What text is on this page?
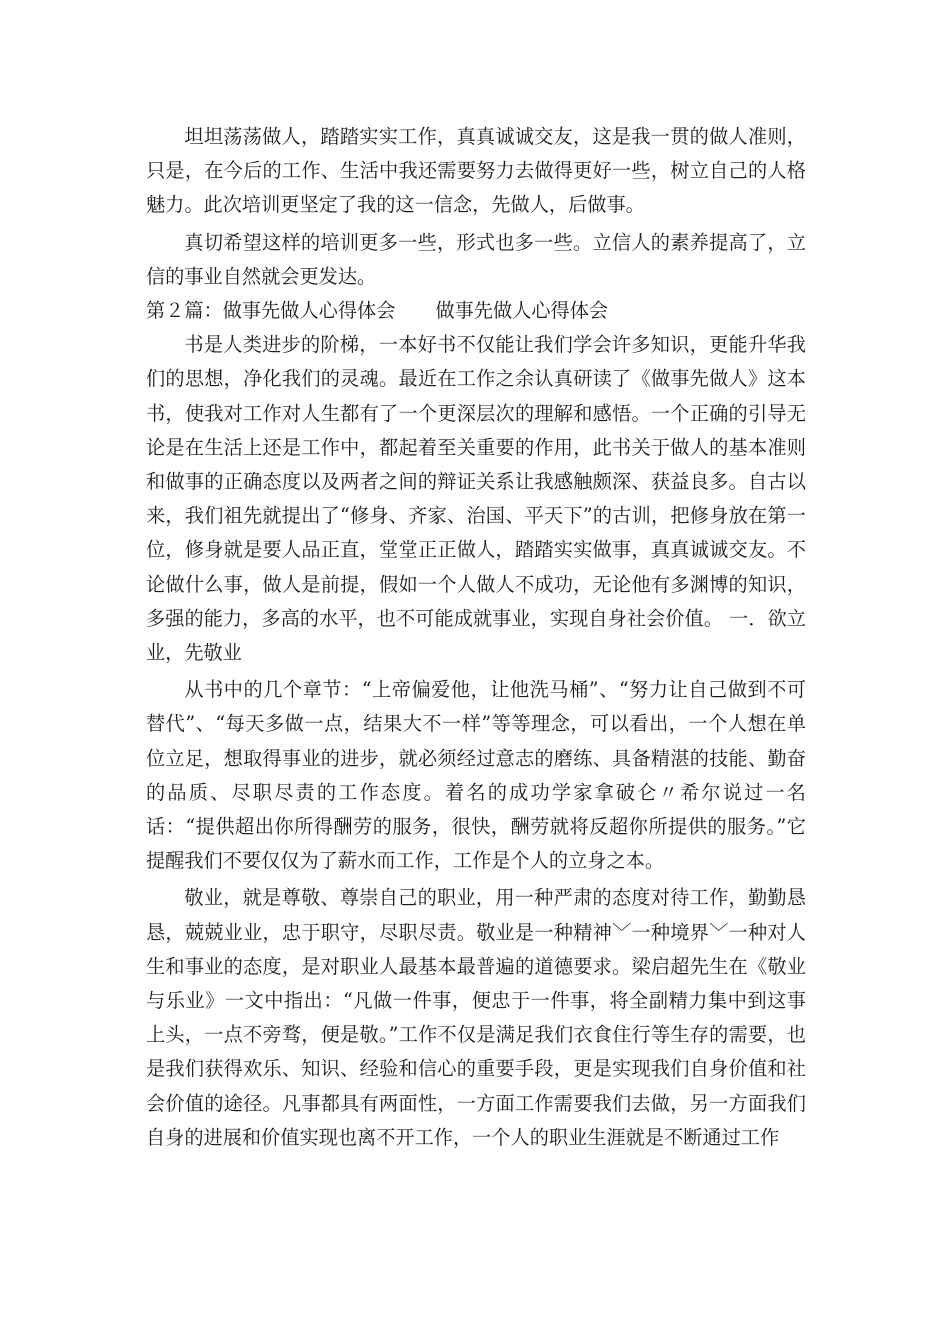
坦坦荡荡做人，踏踏实实工作，真真诚诚交友，这是我一贯的做人准则，只是，在今后的工作、生活中我还需要努力去做得更好一些，树立自己的人格魅力。此次培训更坚定了我的这一信念，先做人，后做事。

真切希望这样的培训更多一些，形式也多一些。立信人的素养提高了，立信的事业自然就会更发达。

第２篇：做事先做人心得体会 做事先做人心得体会

书是人类进步的阶梯，一本好书不仅能让我们学会许多知识，更能升华我们的思想，净化我们的灵魂。最近在工作之余认真研读了《做事先做人》这本书，使我对工作对人生都有了一个更深层次的理解和感悟。一个正确的引导无论是在生活上还是工作中，都起着至关重要的作用，此书关于做人的基本准则和做事的正确态度以及两者之间的辩证关系让我感触颇深、获益良多。自古以来，我们祖先就提出了“修身、齐家、治国、平天下”的古训，把修身放在第一位，修身就是要人品正直，堂堂正正做人，踏踏实实做事，真真诚诚交友。不论做什么事，做人是前提，假如一个人做人不成功，无论他有多渊博的知识，多强的能力，多高的水平，也不可能成就事业，实现自身社会价值。 一．欲立业，先敬业

从书中的几个章节：“上帝偏爱他，让他洗马桶”、“努力让自己做到不可替代”、“每天多做一点，结果大不一样”等等理念，可以看出，一个人想在单位立足，想取得事业的进步，就必须经过意志的磨练、具备精湛的技能、勤奋的品质、尽职尽责的工作态度。着名的成功学家拿破仑〃希尔说过一名话：“提供超出你所得酬劳的服务，很快，酬劳就将反超你所提供的服务。”它提醒我们不要仅仅为了薪水而工作，工作是个人的立身之本。

敬业，就是尊敬、尊崇自己的职业，用一种严肃的态度对待工作，勤勤恳恳，兢兢业业，忠于职守，尽职尽责。敬业是一种精神﹀一种境界﹀一种对人生和事业的态度，是对职业人最基本最普遍的道德要求。梁启超先生在《敬业与乐业》一文中指出：“凡做一件事，便忠于一件事，将全副精力集中到这事上头，一点不旁骛，便是敬。”工作不仅是满足我们衣食住行等生存的需要，也是我们获得欢乐、知识、经验和信心的重要手段，更是实现我们自身价值和社会价值的途径。凡事都具有两面性，一方面工作需要我们去做，另一方面我们自身的进展和价值实现也离不开工作，一个人的职业生涯就是不断通过工作
